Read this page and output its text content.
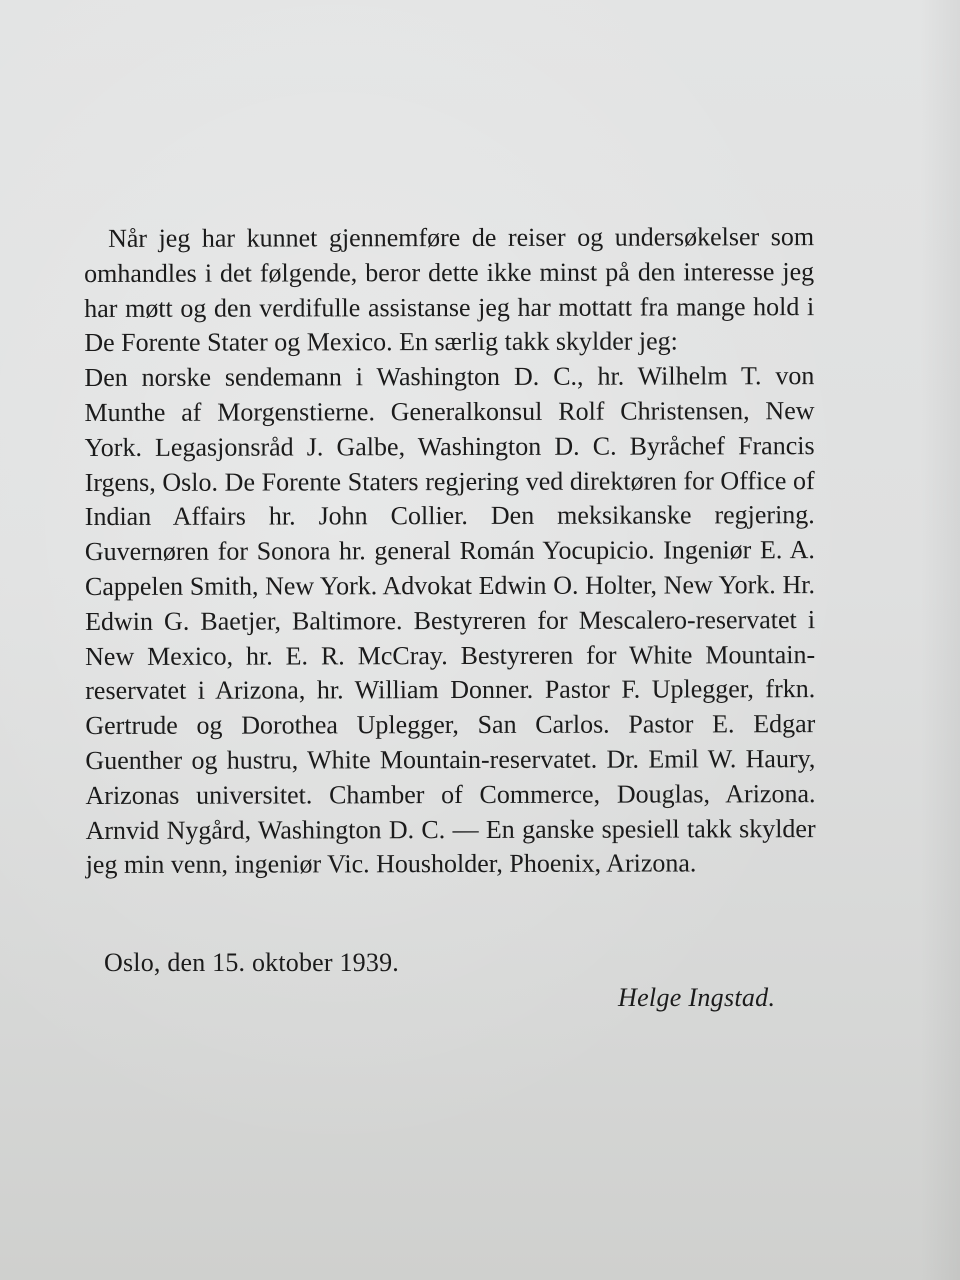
Når jeg har kunnet gjennemføre de reiser og undersøkelser som omhandles i det følgende, beror dette ikke minst på den interesse jeg har møtt og den verdifulle assistanse jeg har mottatt fra mange hold i De Forente Stater og Mexico. En særlig takk skylder jeg:

Den norske sendemann i Washington D. C., hr. Wilhelm T. von Munthe af Morgenstierne. Generalkonsul Rolf Christensen, New York. Legasjonsråd J. Galbe, Washington D. C. Byråchef Francis Irgens, Oslo. De Forente Staters regjering ved direktøren for Office of Indian Affairs hr. John Collier. Den meksikanske regjering. Guvernøren for Sonora hr. general Román Yocupicio. Ingeniør E. A. Cappelen Smith, New York. Advokat Edwin O. Holter, New York. Hr. Edwin G. Baetjer, Baltimore. Bestyreren for Mescalero-reservatet i New Mexico, hr. E. R. McCray. Bestyreren for White Mountain-reservatet i Arizona, hr. William Donner. Pastor F. Uplegger, frkn. Gertrude og Dorothea Uplegger, San Carlos. Pastor E. Edgar Guenther og hustru, White Mountain-reservatet. Dr. Emil W. Haury, Arizonas universitet. Chamber of Commerce, Douglas, Arizona. Arnvid Nygård, Washington D. C. — En ganske spesiell takk skylder jeg min venn, ingeniør Vic. Housholder, Phoenix, Arizona.

Oslo, den 15. oktober 1939.
Helge Ingstad.
